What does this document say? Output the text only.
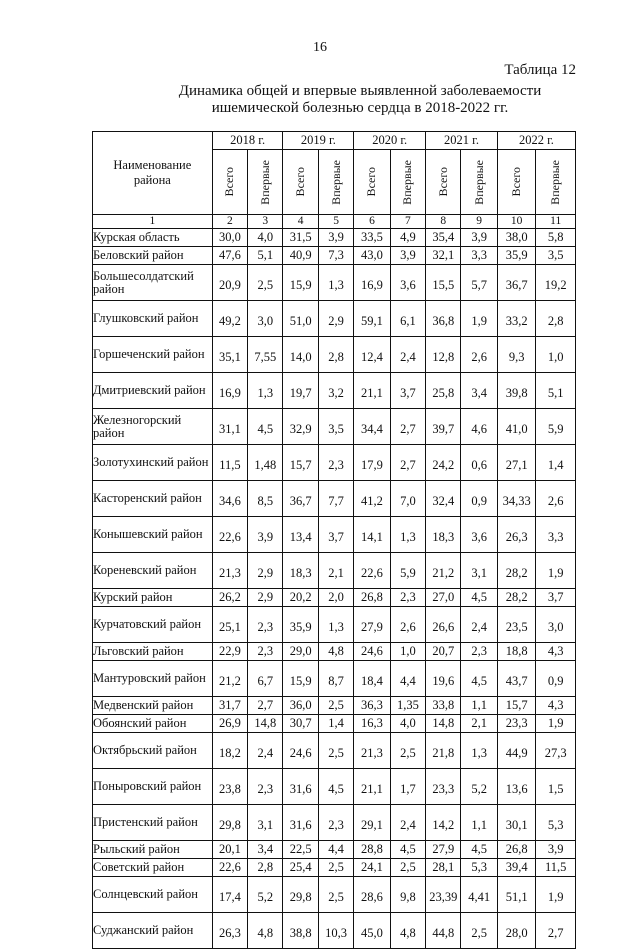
16
Таблица 12
Динамика общей и впервые выявленной заболеваемости
ишемической болезнью сердца в 2018-2022 гг.
Наименование
района	2018 г.		2019 г.		2020 г.		2021 г.		2022 г.	

	Всего	Впервые	Всего	Впервые	Всего	Впервые	Всего	Впервые	Всего	Впервые

1	2	3	4	5	6	7	8	9	10	11
Курская область	30,0	4,0	31,5	3,9	33,5	4,9	35,4	3,9	38,0	5,8
Беловский район	47,6	5,1	40,9	7,3	43,0	3,9	32,1	3,3	35,9	3,5
Большесолдатский район	20,9	2,5	15,9	1,3	16,9	3,6	15,5	5,7	36,7	19,2
Глушковский район	49,2	3,0	51,0	2,9	59,1	6,1	36,8	1,9	33,2	2,8
Горшеченский район	35,1	7,55	14,0	2,8	12,4	2,4	12,8	2,6	9,3	1,0
Дмитриевский район	16,9	1,3	19,7	3,2	21,1	3,7	25,8	3,4	39,8	5,1
Железногорский район	31,1	4,5	32,9	3,5	34,4	2,7	39,7	4,6	41,0	5,9
Золотухинский район	11,5	1,48	15,7	2,3	17,9	2,7	24,2	0,6	27,1	1,4
Касторенский район	34,6	8,5	36,7	7,7	41,2	7,0	32,4	0,9	34,33	2,6
Конышевский район	22,6	3,9	13,4	3,7	14,1	1,3	18,3	3,6	26,3	3,3
Кореневский район	21,3	2,9	18,3	2,1	22,6	5,9	21,2	3,1	28,2	1,9
Курский район	26,2	2,9	20,2	2,0	26,8	2,3	27,0	4,5	28,2	3,7
Курчатовский район	25,1	2,3	35,9	1,3	27,9	2,6	26,6	2,4	23,5	3,0
Льговский район	22,9	2,3	29,0	4,8	24,6	1,0	20,7	2,3	18,8	4,3
Мантуровский район	21,2	6,7	15,9	8,7	18,4	4,4	19,6	4,5	43,7	0,9
Медвенский район	31,7	2,7	36,0	2,5	36,3	1,35	33,8	1,1	15,7	4,3
Обоянский район	26,9	14,8	30,7	1,4	16,3	4,0	14,8	2,1	23,3	1,9
Октябрьский район	18,2	2,4	24,6	2,5	21,3	2,5	21,8	1,3	44,9	27,3
Поныровский район	23,8	2,3	31,6	4,5	21,1	1,7	23,3	5,2	13,6	1,5
Пристенский район	29,8	3,1	31,6	2,3	29,1	2,4	14,2	1,1	30,1	5,3
Рыльский район	20,1	3,4	22,5	4,4	28,8	4,5	27,9	4,5	26,8	3,9
Советский район	22,6	2,8	25,4	2,5	24,1	2,5	28,1	5,3	39,4	11,5
Солнцевский район	17,4	5,2	29,8	2,5	28,6	9,8	23,39	4,41	51,1	1,9
Суджанский район	26,3	4,8	38,8	10,3	45,0	4,8	44,8	2,5	28,0	2,7
